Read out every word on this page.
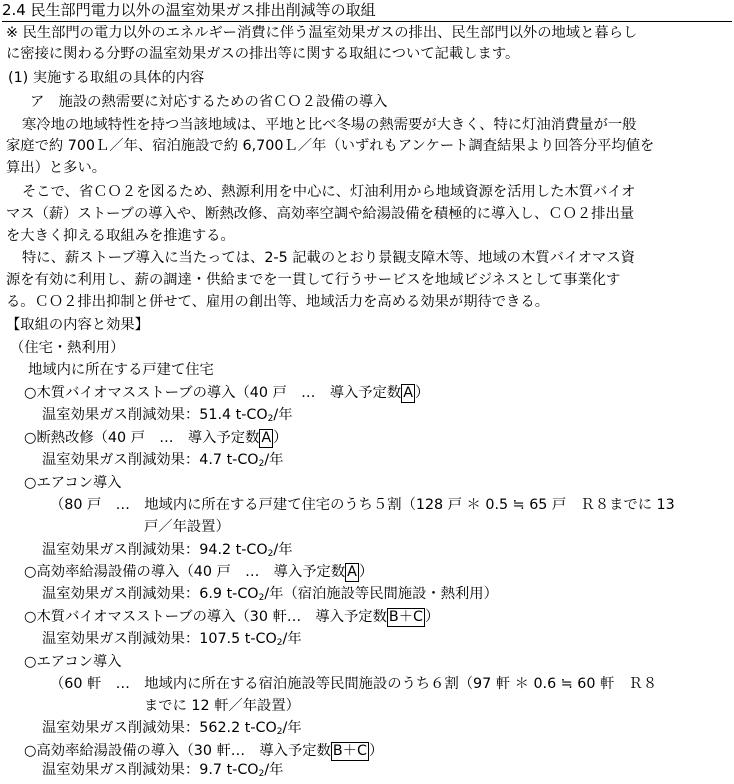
2.4 民生部門電力以外の温室効果ガス排出削減等の取組
※ 民生部門の電力以外のエネルギー消費に伴う温室効果ガスの排出、民生部門以外の地域と暮らし
に密接に関わる分野の温室効果ガスの排出等に関する取組について記載します。
(1) 実施する取組の具体的内容
ア　施設の熱需要に対応するための省ＣＯ２設備の導入
寒冷地の地域特性を持つ当該地域は、平地と比べ冬場の熱需要が大きく、特に灯油消費量が一般
家庭で約 700Ｌ／年、宿泊施設で約 6,700Ｌ／年（いずれもアンケート調査結果より回答分平均値を
算出）と多い。
そこで、省ＣＯ２を図るため、熱源利用を中心に、灯油利用から地域資源を活用した木質バイオ
マス（薪）ストーブの導入や、断熱改修、高効率空調や給湯設備を積極的に導入し、ＣＯ２排出量
を大きく抑える取組みを推進する。
特に、薪ストーブ導入に当たっては、2-5 記載のとおり景観支障木等、地域の木質バイオマス資
源を有効に利用し、薪の調達・供給までを一貫して行うサービスを地域ビジネスとして事業化す
る。ＣＯ２排出抑制と併せて、雇用の創出等、地域活力を高める効果が期待できる。
【取組の内容と効果】
（住宅・熱利用）
地域内に所在する戸建て住宅
○木質バイオマスストーブの導入（40 戸　…　導入予定数 A ）
温室効果ガス削減効果：51.4 $t-CO_2/$年
○断熱改修（40 戸　…　導入予定数 A ）
温室効果ガス削減効果：4.7 $t-CO_2/$年
○エアコン導入
（80 戸　…　地域内に所在する戸建て住宅のうち５割（128 戸 ＊ 0.5 ≒ 65 戸　Ｒ８までに 13
戸／年設置）
温室効果ガス削減効果：94.2 $t-CO_2/$年
○高効率給湯設備の導入（40 戸　…　導入予定数 A ）
温室効果ガス削減効果：6.9 $t-CO_2/$年（宿泊施設等民間施設・熱利用）
○木質バイオマスストーブの導入（30 軒…　導入予定数 B＋C ）
温室効果ガス削減効果：107.5 $t-CO_2/$年
○エアコン導入
（60 軒　…　地域内に所在する宿泊施設等民間施設のうち６割（97 軒 ＊ 0.6 ≒ 60 軒　Ｒ８
までに 12 軒／年設置）
温室効果ガス削減効果：562.2 $t-CO_2/$年
○高効率給湯設備の導入（30 軒…　導入予定数 B＋C ）
温室効果ガス削減効果：9.7 $t-CO_2/$年
